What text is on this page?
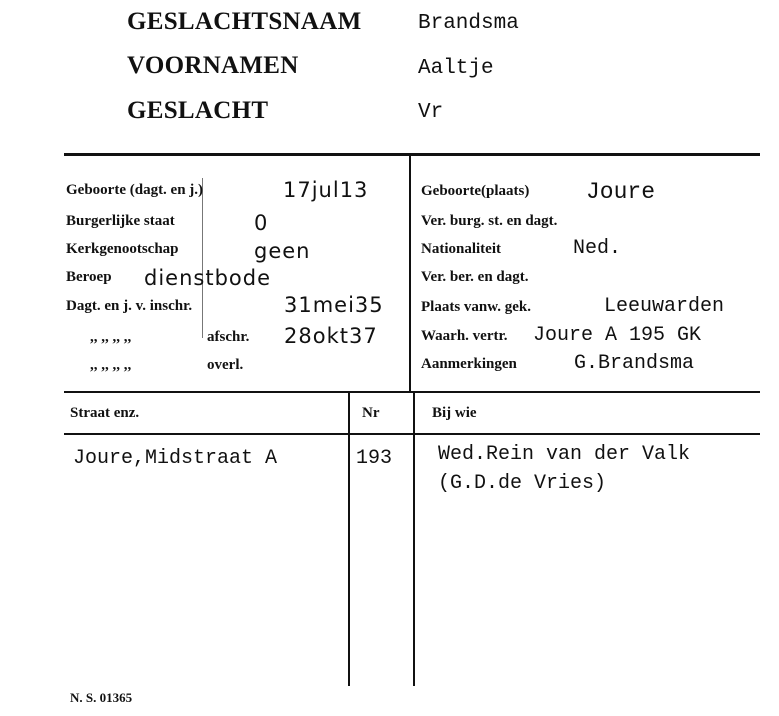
GESLACHTSNAAM	Brandsma
VOORNAMEN	Aaltje
GESLACHT	Vr
Geboorte (dagt. en j.)	17jul13
Burgerlijke staat	0
Kerkgenootschap	geen
Beroep dienstbode
Dagt. en j. v. inschr.	31mei35
,, ,, ,, ,,	afschr. 28okt37
,, ,, ,, ,,	overl.
Geboorte(plaats) Joure
Ver. burg. st. en dagt.
Nationaliteit	Ned.
Ver. ber. en dagt.
Plaats vanw. gek.	Leeuwarden
Waarh. vertr. Joure A 195 GK
Aanmerkingen	G.Brandsma
Straat enz.	Nr	Bij wie
Joure,Midstraat A	193 Wed.Rein van der Valk
(G.D.de Vries)
N. S. 01365
